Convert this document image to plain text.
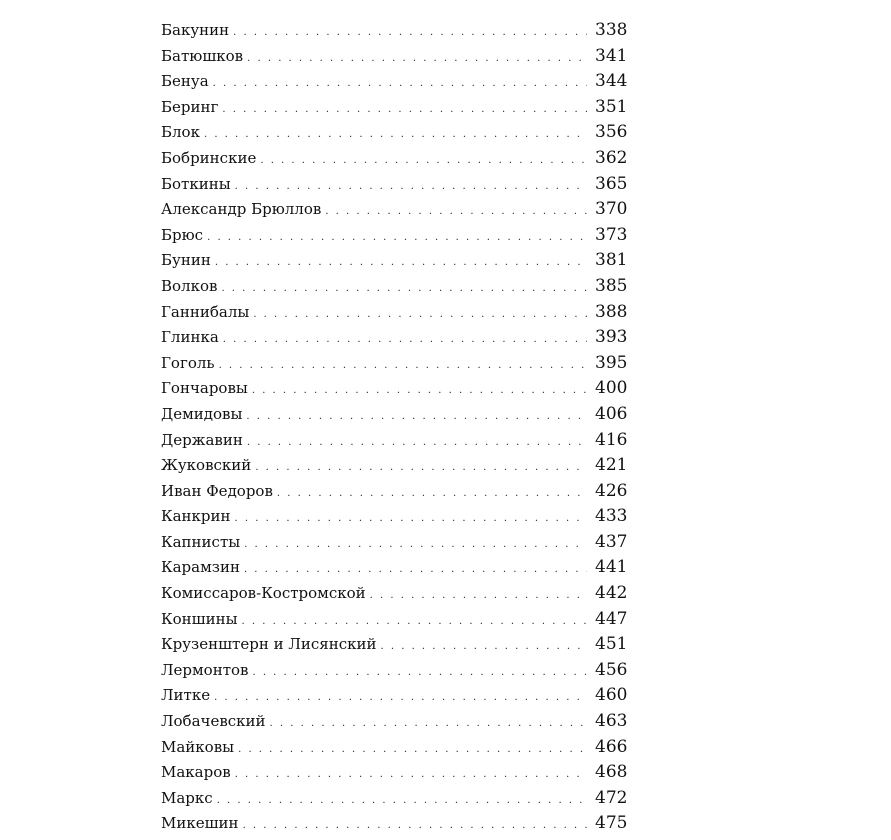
Бакунин . . .	338
Батюшков . . .	341
Бенуа . . .	344
Беринг . . .	351
Блок . . .	356
Бобринские . . .	362
Боткины . . .	365
Александр Брюллов . . .	370
Брюс . . .	373
Бунин . . .	381
Волков . . .	385
Ганнибалы . . .	388
Глинка . . .	393
Гоголь . . .	395
Гончаровы . . .	400
Демидовы . . .	406
Державин . . .	416
Жуковский . . .	421
Иван Федоров . . .	426
Канкрин . . .	433
Капнисты . . .	437
Карамзин . . .	441
Комиссаров-Костромской . . .	442
Коншины . . .	447
Крузенштерн и Лисянский . . .	451
Лермонтов . . .	456
Литке . . .	460
Лобачевский . . .	463
Майковы . . .	466
Макаров . . .	468
Маркс . . .	472
Микешин . . .	475
